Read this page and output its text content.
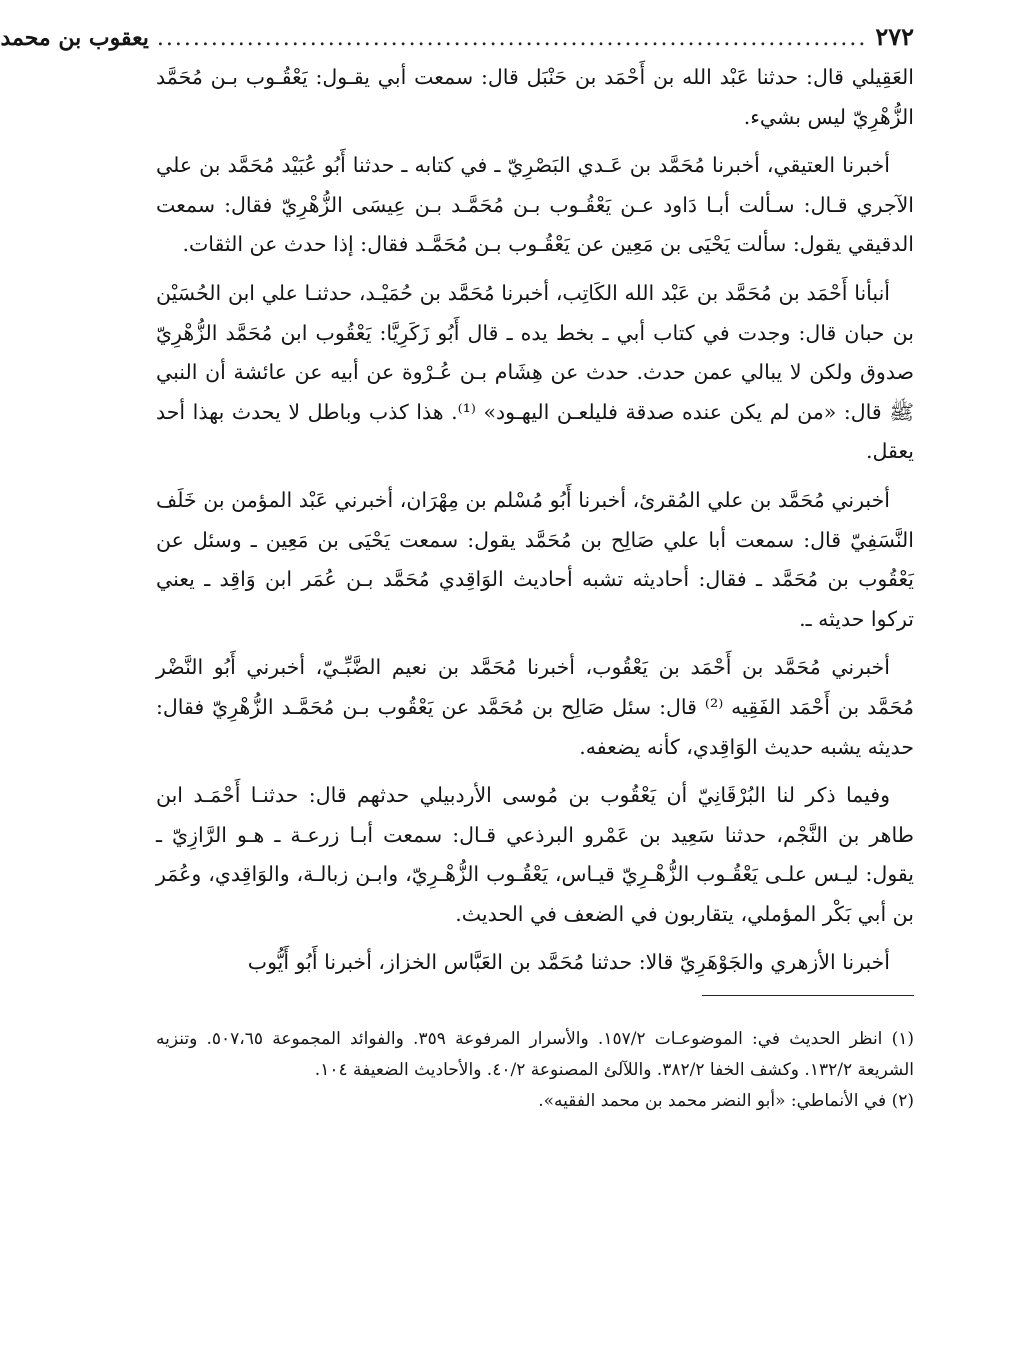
٢٧٢
...............................................................................
يعقوب بن محمد

العَقِيلي قال: حدثنا عَبْد الله بن أَحْمَد بن حَنْبَل قال: سمعت أبي يقـول: يَعْقُـوب بـن مُحَمَّد الزُّهْرِيّ ليس بشيء.

أخبرنا العتيقي، أخبرنا مُحَمَّد بن عَـدي البَصْرِيّ ـ في كتابه ـ حدثنا أَبُو عُبَيْد مُحَمَّد بن علي الآجري قـال: سـألت أبـا دَاود عـن يَعْقُـوب بـن مُحَمَّـد بـن عِيسَى الزُّهْرِيّ فقال: سمعت الدقيقي يقول: سألت يَحْيَى بن مَعِين عن يَعْقُـوب بـن مُحَمَّـد فقال: إذا حدث عن الثقات.

أنبأنا أَحْمَد بن مُحَمَّد بن عَبْد الله الكَاتِب، أخبرنا مُحَمَّد بن حُمَيْـد، حدثنـا علي ابن الحُسَيْن بن حبان قال: وجدت في كتاب أبي ـ بخط يده ـ قال أَبُو زَكَرِيَّا: يَعْقُوب ابن مُحَمَّد الزُّهْرِيّ صدوق ولكن لا يبالي عمن حدث. حدث عن هِشَام بـن عُـرْوة عن أبيه عن عائشة أن النبي ﷺ قال: «من لم يكن عنده صدقة فليلعـن اليهـود» ⁽¹⁾. هذا كذب وباطل لا يحدث بهذا أحد يعقل.

أخبرني مُحَمَّد بن علي المُقرئ، أخبرنا أَبُو مُسْلم بن مِهْرَان، أخبرني عَبْد المؤمن بن خَلَف النَّسَفِيّ قال: سمعت أبا علي صَالِح بن مُحَمَّد يقول: سمعت يَحْيَى بن مَعِين ـ وسئل عن يَعْقُوب بن مُحَمَّد ـ فقال: أحاديثه تشبه أحاديث الوَاقِدي مُحَمَّد بـن عُمَر ابن وَاقِد ـ يعني تركوا حديثه ـ.

أخبرني مُحَمَّد بن أَحْمَد بن يَعْقُوب، أخبرنا مُحَمَّد بن نعيم الضَّبِّـيّ، أخبرني أَبُو النَّضْر مُحَمَّد بن أَحْمَد الفَقِيه ⁽²⁾ قال: سئل صَالِح بن مُحَمَّد عن يَعْقُوب بـن مُحَمَّـد الزُّهْرِيّ فقال: حديثه يشبه حديث الوَاقِدي، كأنه يضعفه.

وفيما ذكر لنا البُرْقَانِيّ أن يَعْقُوب بن مُوسى الأردبيلي حدثهم قال: حدثنـا أَحْمَـد ابن طاهر بن النَّجْم، حدثنا سَعِيد بن عَمْرو البرذعي قـال: سمعت أبـا زرعـة ـ هـو الرَّازِيّ ـ يقول: ليـس علـى يَعْقُـوب الزُّهْـرِيّ قيـاس، يَعْقُـوب الزُّهْـرِيّ، وابـن زبالـة، والوَاقِدي، وعُمَر بن أبي بَكْر المؤملي، يتقاربون في الضعف في الحديث.

أخبرنا الأزهري والجَوْهَرِيّ قالا: حدثنا مُحَمَّد بن العَبَّاس الخزاز، أخبرنا أَبُو أَيُّوب

(١) انظر الحديث في: الموضوعـات ١٥٧/٢. والأسرار المرفوعة ٣٥٩. والفوائد المجموعة ٥٠٧،٦٥. وتنزيه الشريعة ١٣٢/٢. وكشف الخفا ٣٨٢/٢. واللآلئ المصنوعة ٤٠/٢. والأحاديث الضعيفة ١٠٤.

(٢) في الأنماطي: «أبو النضر محمد بن محمد الفقيه».
